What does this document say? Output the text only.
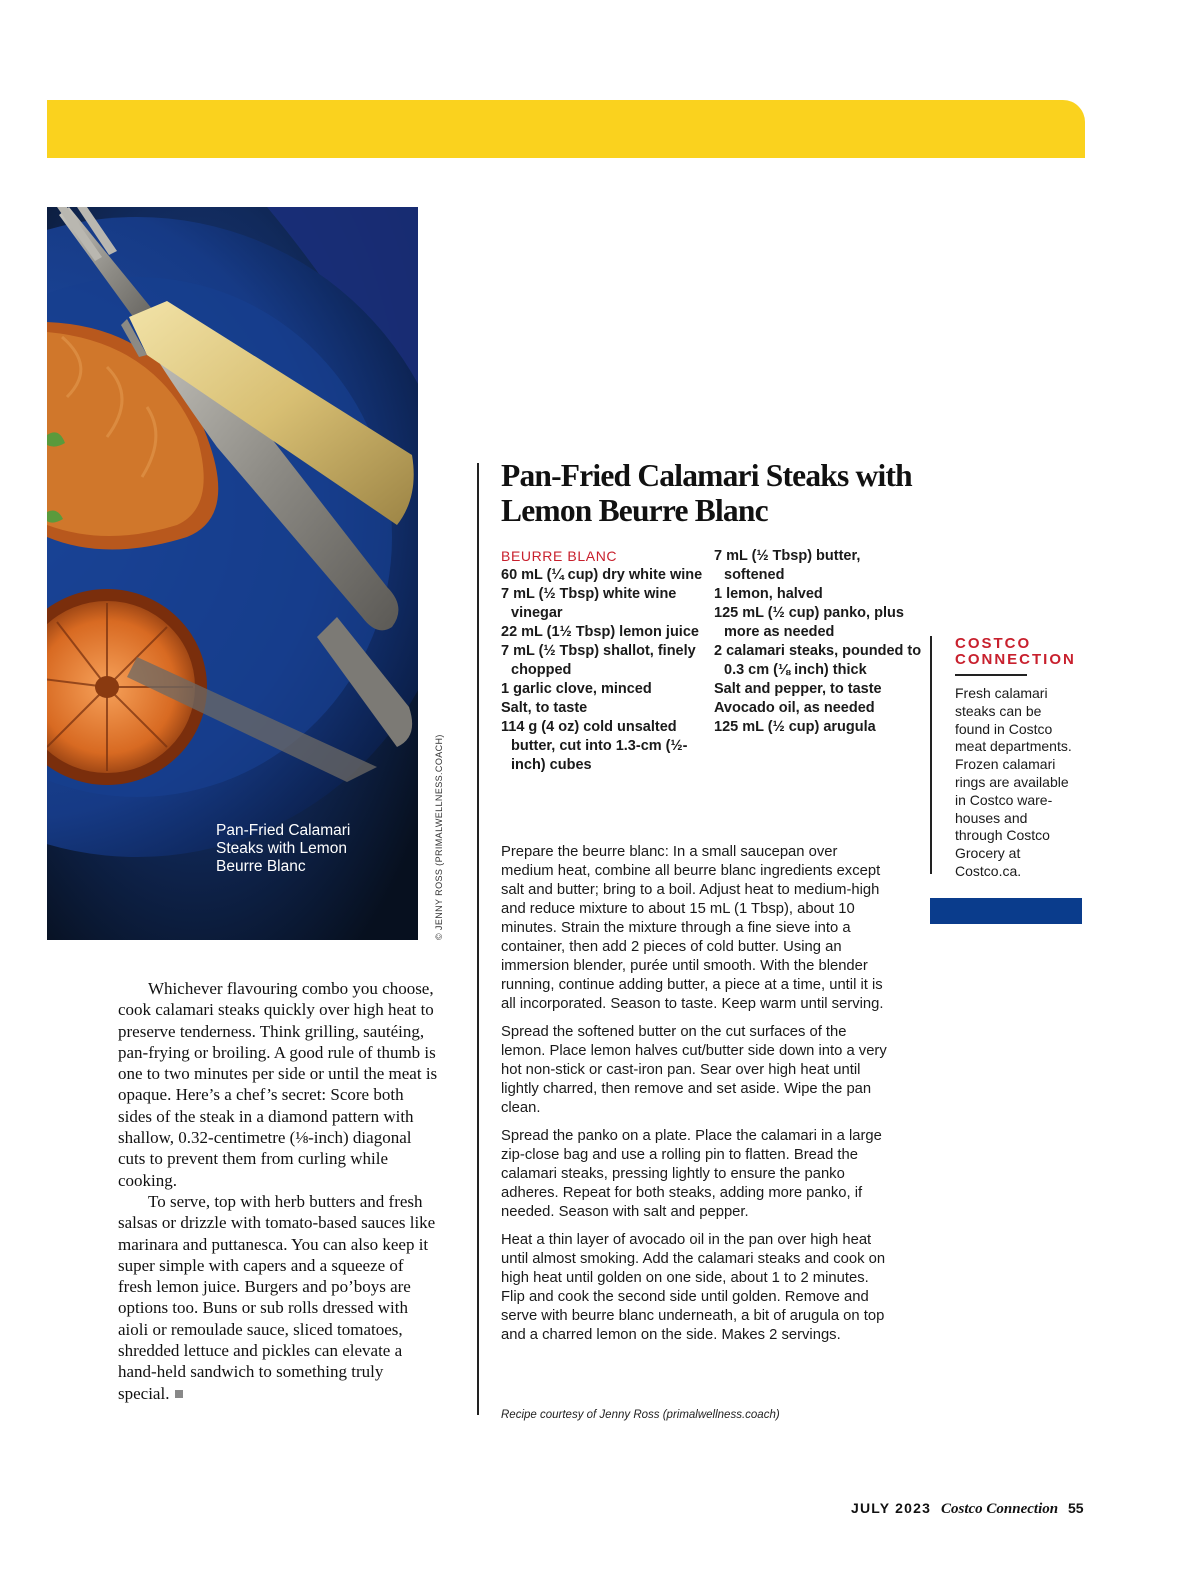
Pan-Fried Calamari
Steaks with Lemon
Beurre Blanc	© JENNY ROSS (PRIMALWELLNESS.COACH)

Whichever flavouring combo you choose, cook calamari steaks quickly over high heat to preserve tenderness. Think grilling, sautéing, pan-frying or broiling. A good rule of thumb is one to two minutes per side or until the meat is opaque. Here’s a chef’s secret: Score both sides of the steak in a diamond pattern with shallow, 0.32-centimetre (⅛-inch) diagonal cuts to prevent them from curling while cooking.

To serve, top with herb butters and fresh salsas or drizzle with tomato-based sauces like marinara and puttanesca. You can also keep it super simple with capers and a squeeze of fresh lemon juice. Burgers and po’boys are options too. Buns or sub rolls dressed with aioli or remoulade sauce, sliced tomatoes, shredded lettuce and pickles can elevate a hand-held sandwich to something truly special.

Pan-Fried Calamari Steaks with Lemon Beurre Blanc
BEURRE BLANC
60 mL (¼ cup) dry white wine
7 mL (½ Tbsp) white wine vinegar
22 mL (1½ Tbsp) lemon juice
7 mL (½ Tbsp) shallot, finely chopped
1 garlic clove, minced
Salt, to taste
114 g (4 oz) cold unsalted butter, cut into 1.3-cm (½-inch) cubes
7 mL (½ Tbsp) butter, softened
1 lemon, halved
125 mL (½ cup) panko, plus more as needed
2 calamari steaks, pounded to 0.3 cm (⅛ inch) thick
Salt and pepper, to taste
Avocado oil, as needed
125 mL (½ cup) arugula

Prepare the beurre blanc: In a small saucepan over medium heat, combine all beurre blanc ingredients except salt and butter; bring to a boil. Adjust heat to medium-high and reduce mixture to about 15 mL (1 Tbsp), about 10 minutes. Strain the mixture through a fine sieve into a container, then add 2 pieces of cold butter. Using an immersion blender, purée until smooth. With the blender running, continue adding butter, a piece at a time, until it is all incorporated. Season to taste. Keep warm until serving.

Spread the softened butter on the cut surfaces of the lemon. Place lemon halves cut/butter side down into a very hot non-stick or cast-iron pan. Sear over high heat until lightly charred, then remove and set aside. Wipe the pan clean.

Spread the panko on a plate. Place the calamari in a large zip-close bag and use a rolling pin to flatten. Bread the calamari steaks, pressing lightly to ensure the panko adheres. Repeat for both steaks, adding more panko, if needed. Season with salt and pepper.

Heat a thin layer of avocado oil in the pan over high heat until almost smoking. Add the calamari steaks and cook on high heat until golden on one side, about 1 to 2 minutes. Flip and cook the second side until golden. Remove and serve with beurre blanc underneath, a bit of arugula on top and a charred lemon on the side. Makes 2 servings.

Recipe courtesy of Jenny Ross (primalwellness.coach)
COSTCO
CONNECTION
Fresh calamari
steaks can be
found in Costco
meat departments.
Frozen calamari
rings are available
in Costco ware-
houses and
through Costco
Grocery at
Costco.ca.
JULY 2023 Costco Connection 55
